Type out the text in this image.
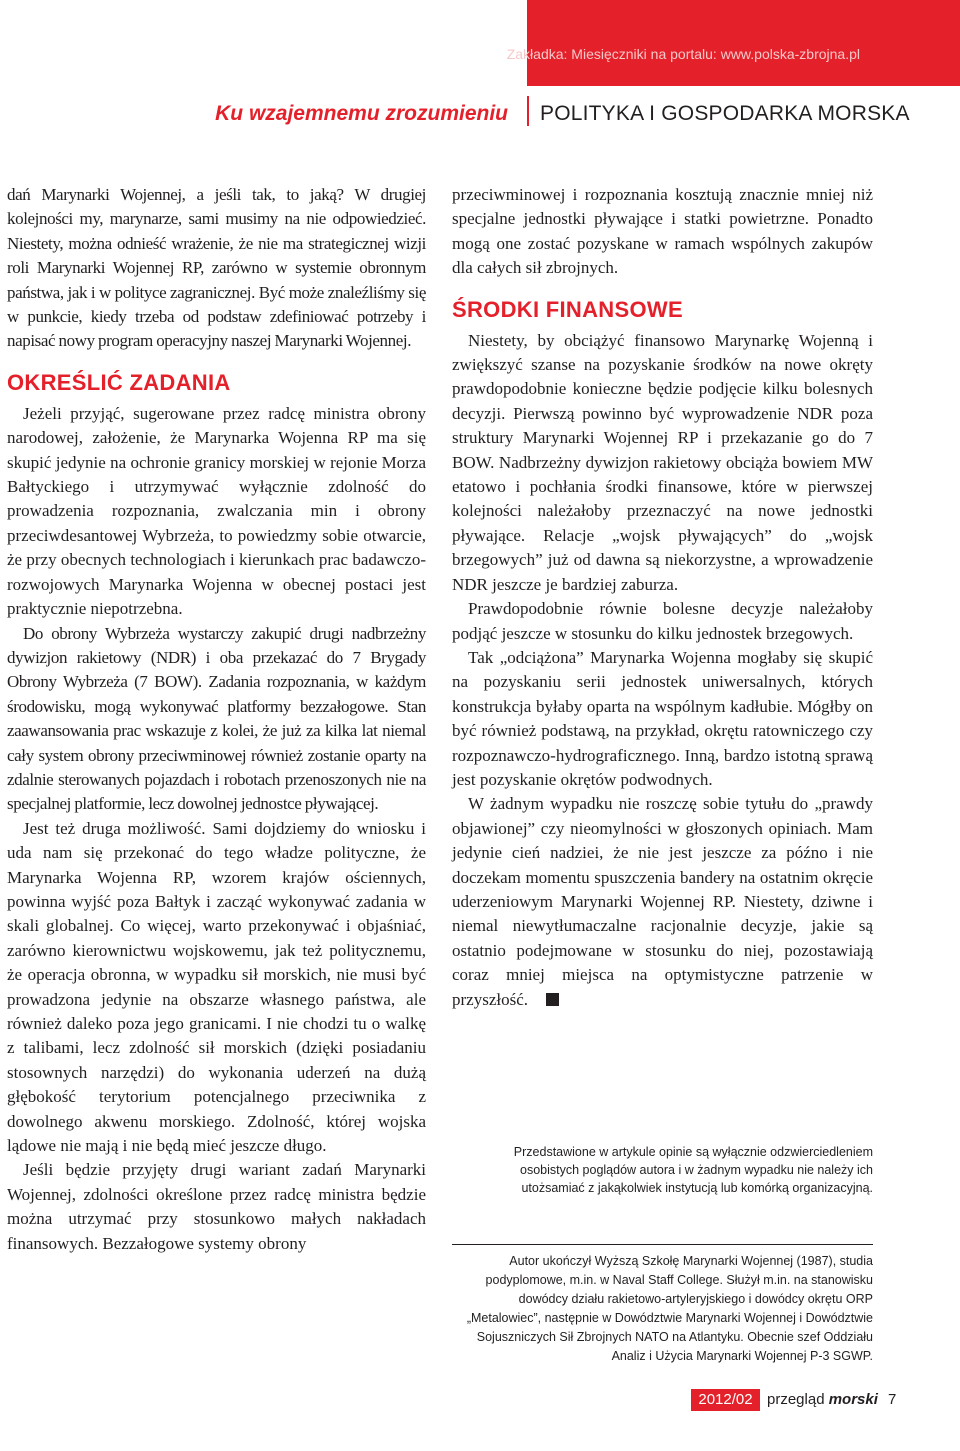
Zakładka: Miesięczniki na portalu: www.polska-zbrojna.pl
Ku wzajemnemu zrozumieniu POLITYKA I GOSPODARKA MORSKA

dań Marynarki Wojennej, a jeśli tak, to jaką? W drugiej kolejności my, marynarze, sami musimy na nie odpowiedzieć. Niestety, można odnieść wrażenie, że nie ma strategicznej wizji roli Marynarki Wojennej RP, zarówno w systemie obronnym państwa, jak i w polityce zagranicznej. Być może znaleźliśmy się w punkcie, kiedy trzeba od podstaw zdefiniować potrzeby i napisać nowy program operacyjny naszej Marynarki Wojennej.

OKREŚLIĆ ZADANIA

Jeżeli przyjąć, sugerowane przez radcę ministra obrony narodowej, założenie, że Marynarka Wojenna RP ma się skupić jedynie na ochronie granicy morskiej w rejonie Morza Bałtyckiego i utrzymywać wyłącznie zdolność do prowadzenia rozpoznania, zwalczania min i obrony przeciwdesantowej Wybrzeża, to powiedzmy sobie otwarcie, że przy obecnych technologiach i kierunkach prac badawczo-rozwojowych Marynarka Wojenna w obecnej postaci jest praktycznie niepotrzebna.

Do obrony Wybrzeża wystarczy zakupić drugi nadbrzeżny dywizjon rakietowy (NDR) i oba przekazać do 7 Brygady Obrony Wybrzeża (7 BOW). Zadania rozpoznania, w każdym środowisku, mogą wykonywać platformy bezzałogowe. Stan zaawansowania prac wskazuje z kolei, że już za kilka lat niemal cały system obrony przeciwminowej również zostanie oparty na zdalnie sterowanych pojazdach i robotach przenoszonych nie na specjalnej platformie, lecz dowolnej jednostce pływającej.

Jest też druga możliwość. Sami dojdziemy do wniosku i uda nam się przekonać do tego władze polityczne, że Marynarka Wojenna RP, wzorem krajów ościennych, powinna wyjść poza Bałtyk i zacząć wykonywać zadania w skali globalnej. Co więcej, warto przekonywać i objaśniać, zarówno kierownictwu wojskowemu, jak też politycznemu, że operacja obronna, w wypadku sił morskich, nie musi być prowadzona jedynie na obszarze własnego państwa, ale również daleko poza jego granicami. I nie chodzi tu o walkę z talibami, lecz zdolność sił morskich (dzięki posiadaniu stosownych narzędzi) do wykonania uderzeń na dużą głębokość terytorium potencjalnego przeciwnika z dowolnego akwenu morskiego. Zdolność, której wojska lądowe nie mają i nie będą mieć jeszcze długo.

Jeśli będzie przyjęty drugi wariant zadań Marynarki Wojennej, zdolności określone przez radcę ministra będzie można utrzymać przy stosunkowo małych nakładach finansowych. Bezzałogowe systemy obrony

przeciwminowej i rozpoznania kosztują znacznie mniej niż specjalne jednostki pływające i statki powietrzne. Ponadto mogą one zostać pozyskane w ramach wspólnych zakupów dla całych sił zbrojnych.

ŚRODKI FINANSOWE

Niestety, by obciążyć finansowo Marynarkę Wojenną i zwiększyć szanse na pozyskanie środków na nowe okręty prawdopodobnie konieczne będzie podjęcie kilku bolesnych decyzji. Pierwszą powinno być wyprowadzenie NDR poza struktury Marynarki Wojennej RP i przekazanie go do 7 BOW. Nadbrzeżny dywizjon rakietowy obciąża bowiem MW etatowo i pochłania środki finansowe, które w pierwszej kolejności należałoby przeznaczyć na nowe jednostki pływające. Relacje „wojsk pływających” do „wojsk brzegowych” już od dawna są niekorzystne, a wprowadzenie NDR jeszcze je bardziej zaburza.

Prawdopodobnie równie bolesne decyzje należałoby podjąć jeszcze w stosunku do kilku jednostek brzegowych.

Tak „odciążona” Marynarka Wojenna mogłaby się skupić na pozyskaniu serii jednostek uniwersalnych, których konstrukcja byłaby oparta na wspólnym kadłubie. Mógłby on być również podstawą, na przykład, okrętu ratowniczego czy rozpoznawczo-hydrograficznego. Inną, bardzo istotną sprawą jest pozyskanie okrętów podwodnych.

W żadnym wypadku nie roszczę sobie tytułu do „prawdy objawionej” czy nieomylności w głoszonych opiniach. Mam jedynie cień nadziei, że nie jest jeszcze za późno i nie doczekam momentu spuszczenia bandery na ostatnim okręcie uderzeniowym Marynarki Wojennej RP. Niestety, dziwne i niemal niewytłumaczalne racjonalnie decyzje, jakie są ostatnio podejmowane w stosunku do niej, pozostawiają coraz mniej miejsca na optymistyczne patrzenie w przyszłość.

Przedstawione w artykule opinie są wyłącznie odzwierciedleniem osobistych poglądów autora i w żadnym wypadku nie należy ich utożsamiać z jakąkolwiek instytucją lub komórką organizacyjną.
Autor ukończył Wyższą Szkołę Marynarki Wojennej (1987), studia podyplomowe, m.in. w Naval Staff College. Służył m.in. na stanowisku dowódcy działu rakietowo-artyleryjskiego i dowódcy okrętu ORP „Metalowiec”, następnie w Dowództwie Marynarki Wojennej i Dowództwie Sojuszniczych Sił Zbrojnych NATO na Atlantyku. Obecnie szef Oddziału Analiz i Użycia Marynarki Wojennej P-3 SGWP.
2012/02 przegląd morski 7
